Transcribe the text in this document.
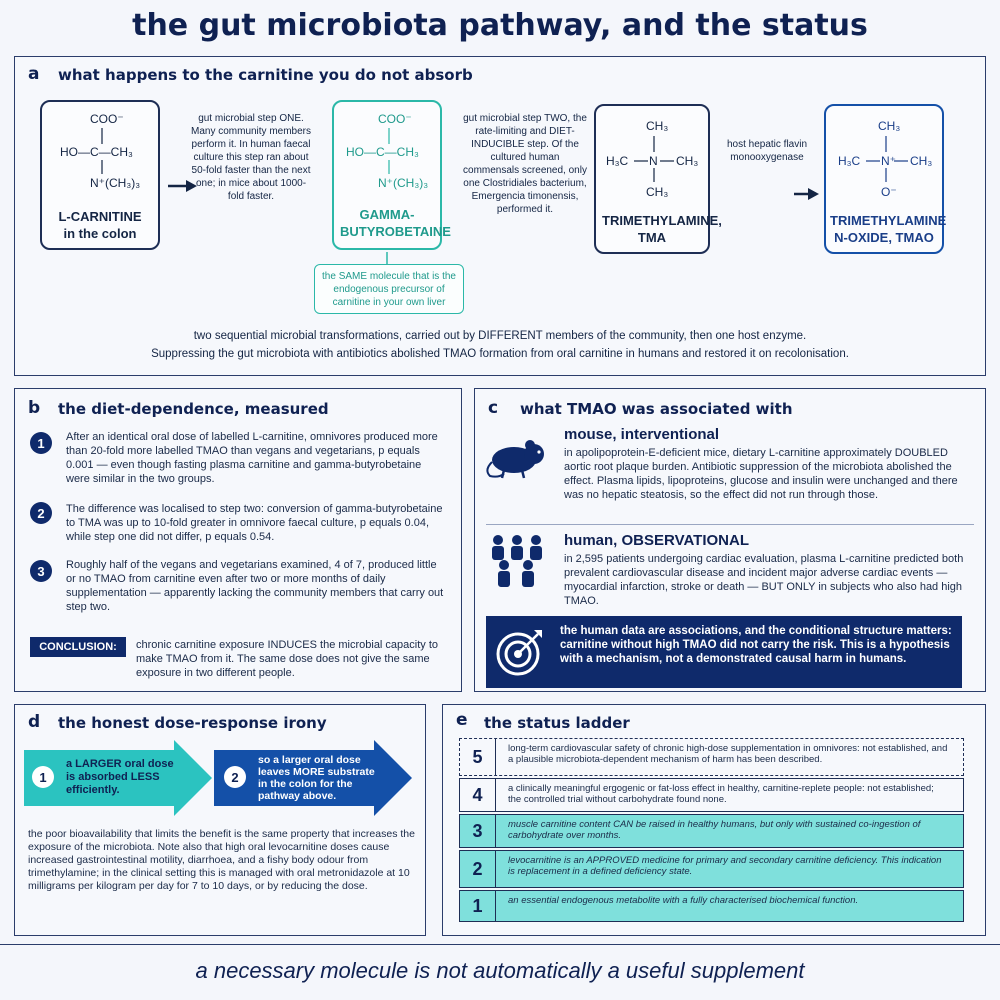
the gut microbiota pathway, and the status
a what happens to the carnitine you do not absorb
COO⁻
HO—C—CH₃
N⁺(CH₃)₃
L-CARNITINE in the colon
gut microbial step ONE. Many community members perform it. In human faecal culture this step ran about 50-fold faster than the next one; in mice about 1000-fold faster.
COO⁻
HO—C—CH₃
N⁺(CH₃)₃
GAMMA-BUTYROBETAINE
the SAME molecule that is the endogenous precursor of carnitine in your own liver
gut microbial step TWO, the rate-limiting and DIET-INDUCIBLE step. Of the cultured human commensals screened, only one Clostridiales bacterium, Emergencia timonensis, performed it.
CH₃
H₃C N CH₃
CH₃
TRIMETHYLAMINE, TMA
host hepatic flavin monooxygenase
CH₃
H₃C N⁺ CH₃
O⁻
TRIMETHYLAMINE N-OXIDE, TMAO
two sequential microbial transformations, carried out by DIFFERENT members of the community, then one host enzyme.
Suppressing the gut microbiota with antibiotics abolished TMAO formation from oral carnitine in humans and restored it on recolonisation.
b the diet-dependence, measured
1	After an identical oral dose of labelled L-carnitine, omnivores produced more than 20-fold more labelled TMAO than vegans and vegetarians, p equals 0.001 — even though fasting plasma carnitine and gamma-butyrobetaine were similar in the two groups.
2	The difference was localised to step two: conversion of gamma-butyrobetaine to TMA was up to 10-fold greater in omnivore faecal culture, p equals 0.04, while step one did not differ, p equals 0.54.
3	Roughly half of the vegans and vegetarians examined, 4 of 7, produced little or no TMAO from carnitine even after two or more months of daily supplementation — apparently lacking the community members that carry out step two.
CONCLUSION:	chronic carnitine exposure INDUCES the microbial capacity to make TMAO from it. The same dose does not give the same exposure in two different people.
c what TMAO was associated with
mouse, interventional
in apolipoprotein-E-deficient mice, dietary L-carnitine approximately DOUBLED aortic root plaque burden. Antibiotic suppression of the microbiota abolished the effect. Plasma lipids, lipoproteins, glucose and insulin were unchanged and there was no hepatic steatosis, so the effect did not run through those.
human, OBSERVATIONAL
in 2,595 patients undergoing cardiac evaluation, plasma L-carnitine predicted both prevalent cardiovascular disease and incident major adverse cardiac events — myocardial infarction, stroke or death — BUT ONLY in subjects who also had high TMAO.
the human data are associations, and the conditional structure matters: carnitine without high TMAO did not carry the risk. This is a hypothesis with a mechanism, not a demonstrated causal harm in humans.
d the honest dose-response irony
1
a LARGER oral dose is absorbed LESS efficiently.
2
so a larger oral dose leaves MORE substrate in the colon for the pathway above.
the poor bioavailability that limits the benefit is the same property that increases the exposure of the microbiota. Note also that high oral levocarnitine doses cause increased gastrointestinal motility, diarrhoea, and a fishy body odour from trimethylamine; in the clinical setting this is managed with oral metronidazole at 10 milligrams per kilogram per day for 7 to 10 days, or by reducing the dose.
e the status ladder
5	long-term cardiovascular safety of chronic high-dose supplementation in omnivores: not established, and a plausible microbiota-dependent mechanism of harm has been described.
4	a clinically meaningful ergogenic or fat-loss effect in healthy, carnitine-replete people: not established; the controlled trial without carbohydrate found none.
3	muscle carnitine content CAN be raised in healthy humans, but only with sustained co-ingestion of carbohydrate over months.
2	levocarnitine is an APPROVED medicine for primary and secondary carnitine deficiency. This indication is replacement in a defined deficiency state.
1	an essential endogenous metabolite with a fully characterised biochemical function.
a necessary molecule is not automatically a useful supplement
